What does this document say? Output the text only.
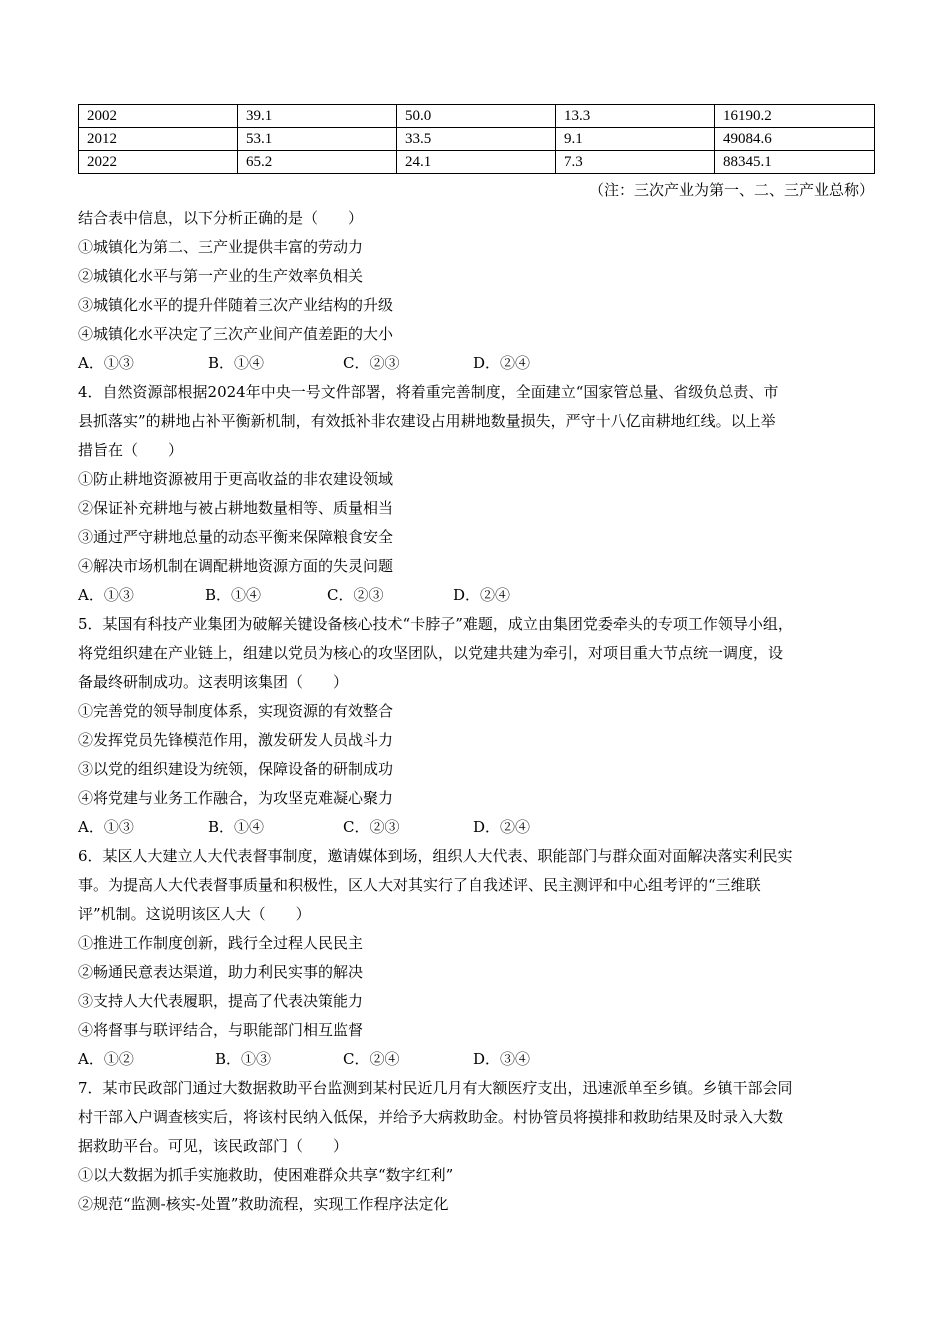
2002	39.1	50.0	13.3	16190.2
2012	53.1	33.5	9.1	49084.6
2022	65.2	24.1	7.3	88345.1
（注：三次产业为第一、二、三产业总称）
结合表中信息，以下分析正确的是（　　）
①城镇化为第二、三产业提供丰富的劳动力
②城镇化水平与第一产业的生产效率负相关
③城镇化水平的提升伴随着三次产业结构的升级
④城镇化水平决定了三次产业间产值差距的大小
A．①③	B．①④	C．②③	D．②④
4．自然资源部根据2024年中央一号文件部署，将着重完善制度，全面建立“国家管总量、省级负总责、市
县抓落实”的耕地占补平衡新机制，有效抵补非农建设占用耕地数量损失，严守十八亿亩耕地红线。以上举
措旨在（　　）
①防止耕地资源被用于更高收益的非农建设领域
②保证补充耕地与被占耕地数量相等、质量相当
③通过严守耕地总量的动态平衡来保障粮食安全
④解决市场机制在调配耕地资源方面的失灵问题
A．①③	B．①④	C．②③	D．②④
5．某国有科技产业集团为破解关键设备核心技术“卡脖子”难题，成立由集团党委牵头的专项工作领导小组，
将党组织建在产业链上，组建以党员为核心的攻坚团队，以党建共建为牵引，对项目重大节点统一调度，设
备最终研制成功。这表明该集团（　　）
①完善党的领导制度体系，实现资源的有效整合
②发挥党员先锋模范作用，激发研发人员战斗力
③以党的组织建设为统领，保障设备的研制成功
④将党建与业务工作融合，为攻坚克难凝心聚力
A．①③	B．①④	C．②③	D．②④
6．某区人大建立人大代表督事制度，邀请媒体到场，组织人大代表、职能部门与群众面对面解决落实利民实
事。为提高人大代表督事质量和积极性，区人大对其实行了自我述评、民主测评和中心组考评的“三维联
评”机制。这说明该区人大（　　）
①推进工作制度创新，践行全过程人民民主
②畅通民意表达渠道，助力利民实事的解决
③支持人大代表履职，提高了代表决策能力
④将督事与联评结合，与职能部门相互监督
A．①②	B．①③	C．②④	D．③④
7．某市民政部门通过大数据救助平台监测到某村民近几月有大额医疗支出，迅速派单至乡镇。乡镇干部会同
村干部入户调查核实后，将该村民纳入低保，并给予大病救助金。村协管员将摸排和救助结果及时录入大数
据救助平台。可见，该民政部门（　　）
①以大数据为抓手实施救助，使困难群众共享“数字红利”
②规范“监测-核实-处置”救助流程，实现工作程序法定化
